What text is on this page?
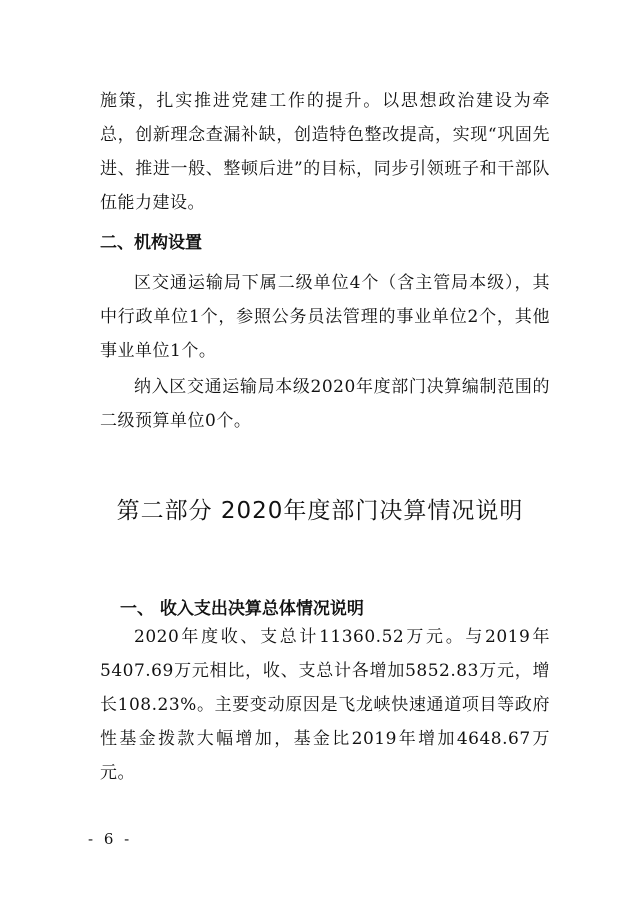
施策，扎实推进党建工作的提升。以思想政治建设为牵总，创新理念查漏补缺，创造特色整改提高，实现“巩固先进、推进一般、整顿后进”的目标，同步引领班子和干部队伍能力建设。

二、机构设置

区交通运输局下属二级单位4个（含主管局本级），其中行政单位1个，参照公务员法管理的事业单位2个，其他事业单位1个。

纳入区交通运输局本级2020年度部门决算编制范围的二级预算单位0个。

第二部分 2020年度部门决算情况说明

一、 收入支出决算总体情况说明

2020年度收、支总计11360.52万元。与2019年5407.69万元相比，收、支总计各增加5852.83万元，增长108.23%。主要变动原因是飞龙峡快速通道项目等政府性基金拨款大幅增加，基金比2019年增加4648.67万元。

- 6 -
